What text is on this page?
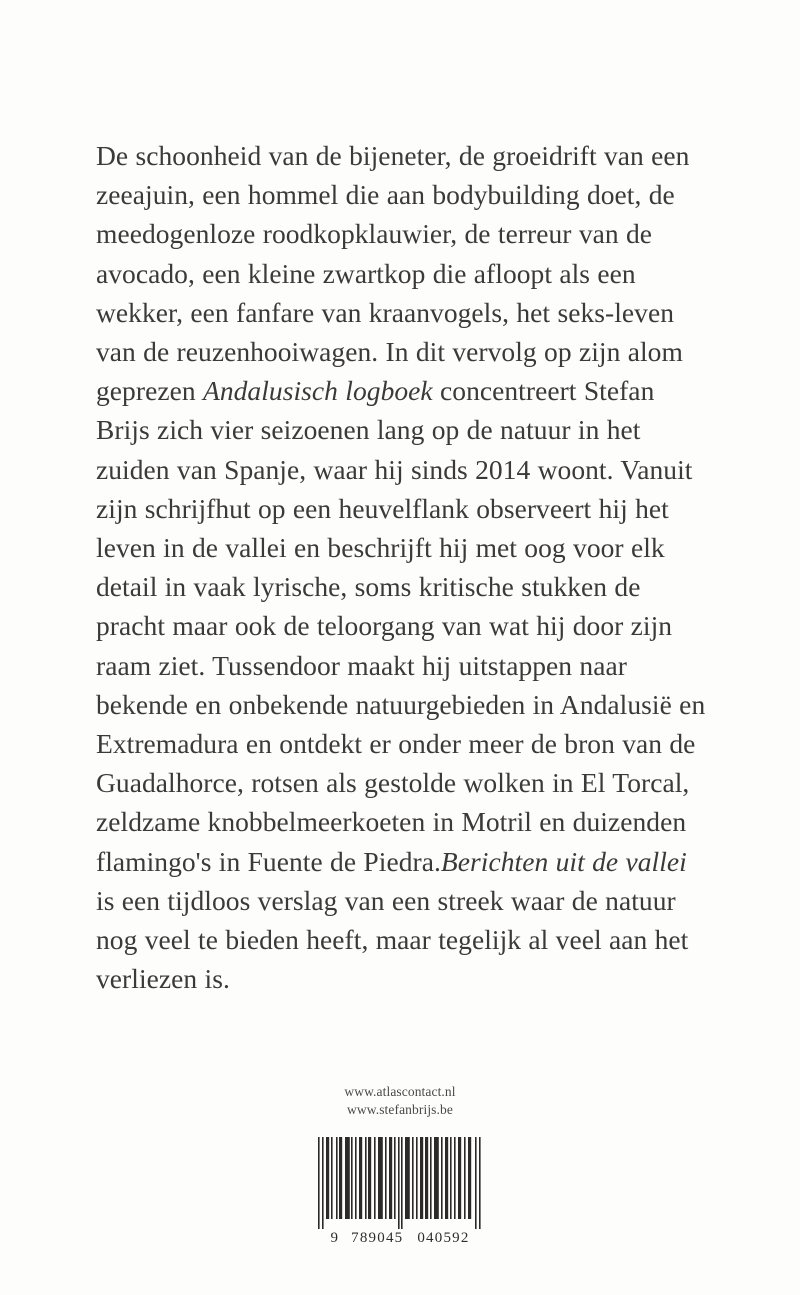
De schoonheid van de bijeneter, de groeidrift van een zeeajuin, een hommel die aan bodybuilding doet, de meedogenloze roodkopklauwier, de terreur van de avocado, een kleine zwartkop die afloopt als een wekker, een fanfare van kraanvogels, het seks-leven van de reuzenhooiwagen. In dit vervolg op zijn alom geprezen Andalusisch logboek concentreert Stefan Brijs zich vier seizoenen lang op de natuur in het zuiden van Spanje, waar hij sinds 2014 woont. Vanuit zijn schrijfhut op een heuvelflank observeert hij het leven in de vallei en beschrijft hij met oog voor elk detail in vaak lyrische, soms kritische stukken de pracht maar ook de teloorgang van wat hij door zijn raam ziet. Tussendoor maakt hij uitstappen naar bekende en onbekende natuurgebieden in Andalusië en Extremadura en ontdekt er onder meer de bron van de Guadalhorce, rotsen als gestolde wolken in El Torcal, zeldzame knobbelmeerkoeten in Motril en duizenden flamingo's in Fuente de Piedra.Berichten uit de vallei is een tijdloos verslag van een streek waar de natuur nog veel te bieden heeft, maar tegelijk al veel aan het verliezen is.

www.atlascontact.nl
www.stefanbrijs.be
9 789045 040592
